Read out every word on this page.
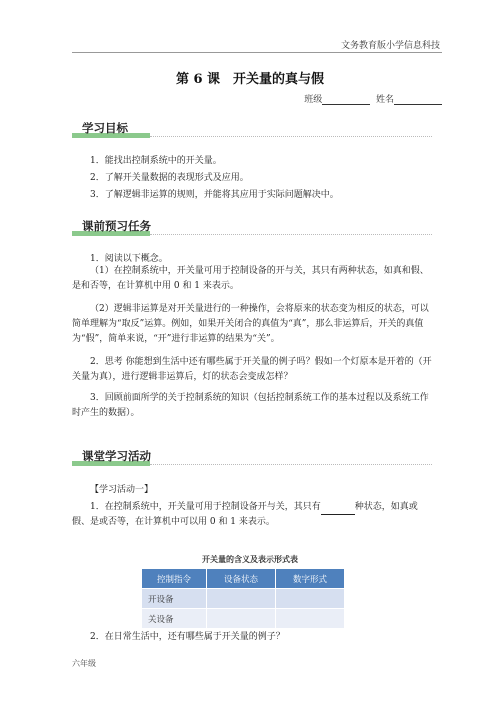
文务教育版小学信息科技
第 6 课　开关量的真与假
班级	姓名
学习目标
1．能找出控制系统中的开关量。
2．了解开关量数据的表现形式及应用。
3．了解逻辑非运算的规则，并能将其应用于实际问题解决中。
课前预习任务
1．阅读以下概念。
（1）在控制系统中，开关量可用于控制设备的开与关，其只有两种状态，如真和假、是和否等，在计算机中用 0 和 1 来表示。
（2）逻辑非运算是对开关量进行的一种操作，会将原来的状态变为相反的状态，可以简单理解为“取反”运算。例如，如果开关闭合的真值为“真”，那么非运算后，开关的真值为“假”，简单来说，“开”进行非运算的结果为“关”。
2．思考 你能想到生活中还有哪些属于开关量的例子吗？假如一个灯原本是开着的（开关量为真），进行逻辑非运算后，灯的状态会变成怎样？
3．回顾前面所学的关于控制系统的知识（包括控制系统工作的基本过程以及系统工作时产生的数据）。
课堂学习活动
【学习活动一】
1．在控制系统中，开关量可用于控制设备开与关，其只有	种状态，如真或假、是或否等，在计算机中可以用 0 和 1 来表示。
开关量的含义及表示形式表
控制指令	设备状态	数字形式
开设备		
关设备		
2．在日常生活中，还有哪些属于开关量的例子？
六年级
